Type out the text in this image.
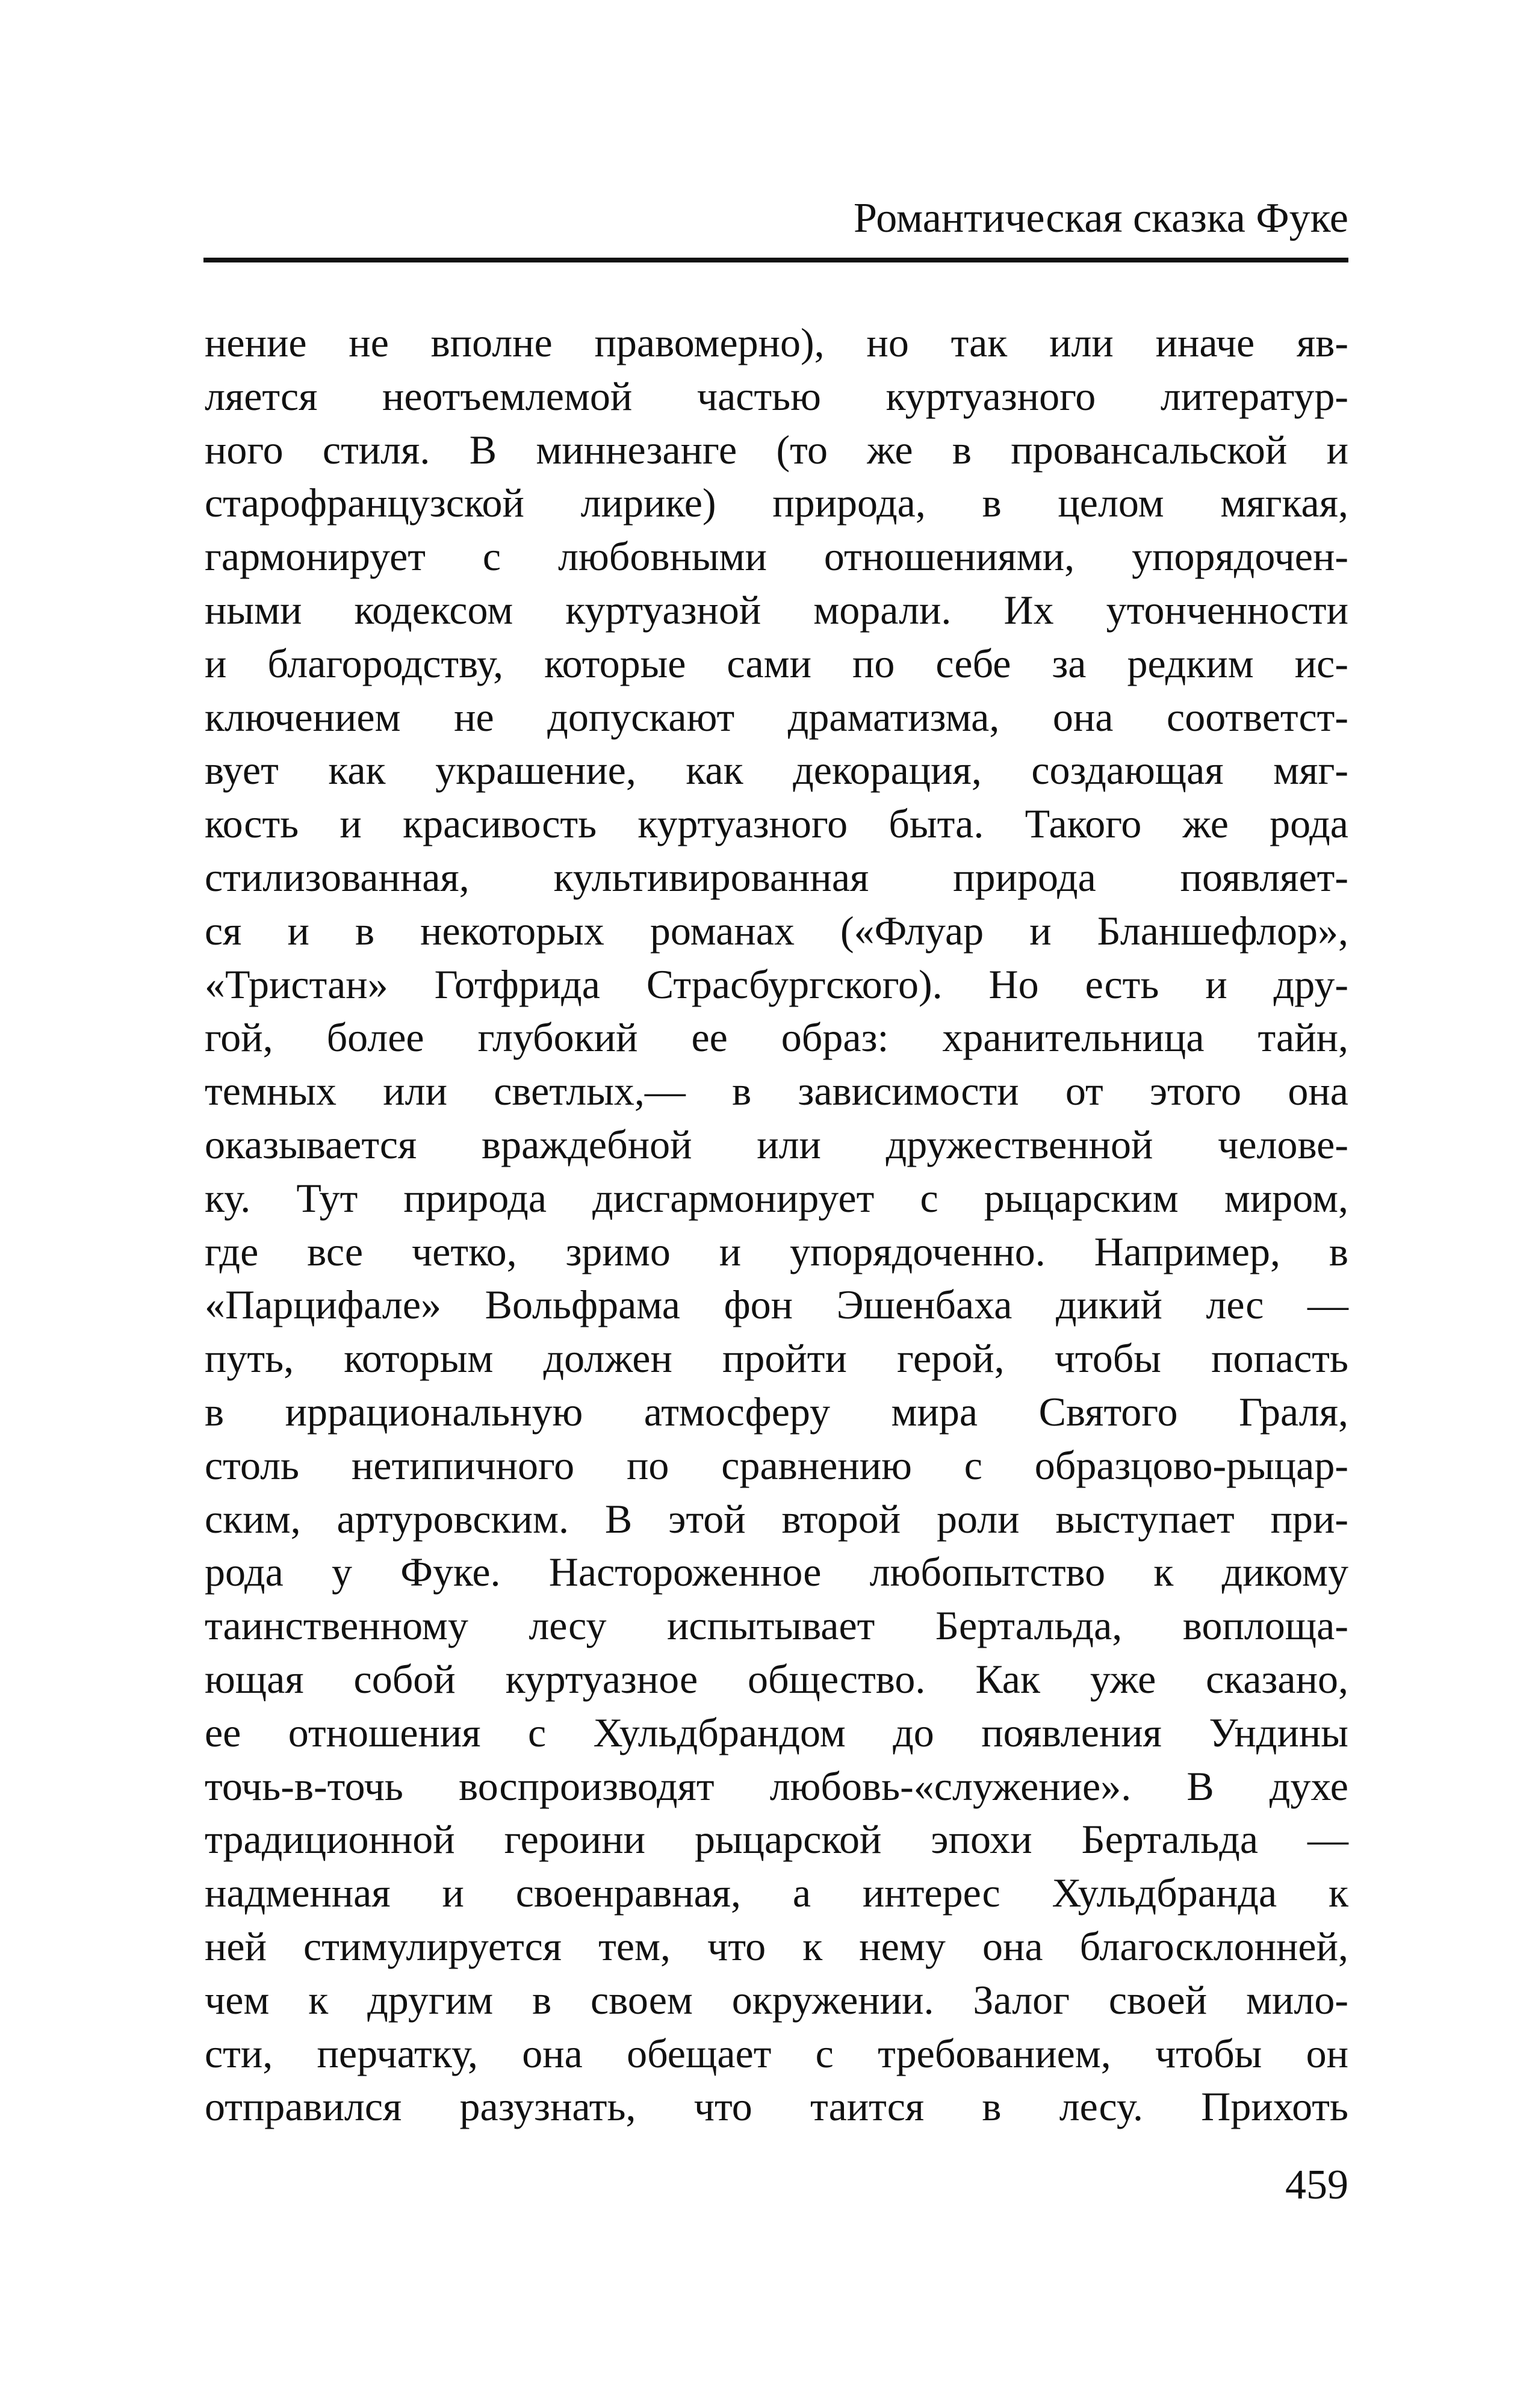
Романтическая сказка Фуке
нение не вполне правомерно), но так или иначе яв-
ляется неотъемлемой частью куртуазного литератур-
ного стиля. В миннезанге (то же в провансальской и
старофранцузской лирике) природа, в целом мягкая,
гармонирует с любовными отношениями, упорядочен-
ными кодексом куртуазной морали. Их утонченности
и благородству, которые сами по себе за редким ис-
ключением не допускают драматизма, она соответст-
вует как украшение, как декорация, создающая мяг-
кость и красивость куртуазного быта. Такого же рода
стилизованная, культивированная природа появляет-
ся и в некоторых романах («Флуар и Бланшефлор»,
«Тристан» Готфрида Страсбургского). Но есть и дру-
гой, более глубокий ее образ: хранительница тайн,
темных или светлых,— в зависимости от этого она
оказывается враждебной или дружественной челове-
ку. Тут природа дисгармонирует с рыцарским миром,
где все четко, зримо и упорядоченно. Например, в
«Парцифале» Вольфрама фон Эшенбаха дикий лес —
путь, которым должен пройти герой, чтобы попасть
в иррациональную атмосферу мира Святого Граля,
столь нетипичного по сравнению с образцово-рыцар-
ским, артуровским. В этой второй роли выступает при-
рода у Фуке. Настороженное любопытство к дикому
таинственному лесу испытывает Бертальда, воплоща-
ющая собой куртуазное общество. Как уже сказано,
ее отношения с Хульдбрандом до появления Ундины
точь-в-точь воспроизводят любовь-«служение». В духе
традиционной героини рыцарской эпохи Бертальда —
надменная и своенравная, а интерес Хульдбранда к
ней стимулируется тем, что к нему она благосклонней,
чем к другим в своем окружении. Залог своей мило-
сти, перчатку, она обещает с требованием, чтобы он
отправился разузнать, что таится в лесу. Прихоть
459
